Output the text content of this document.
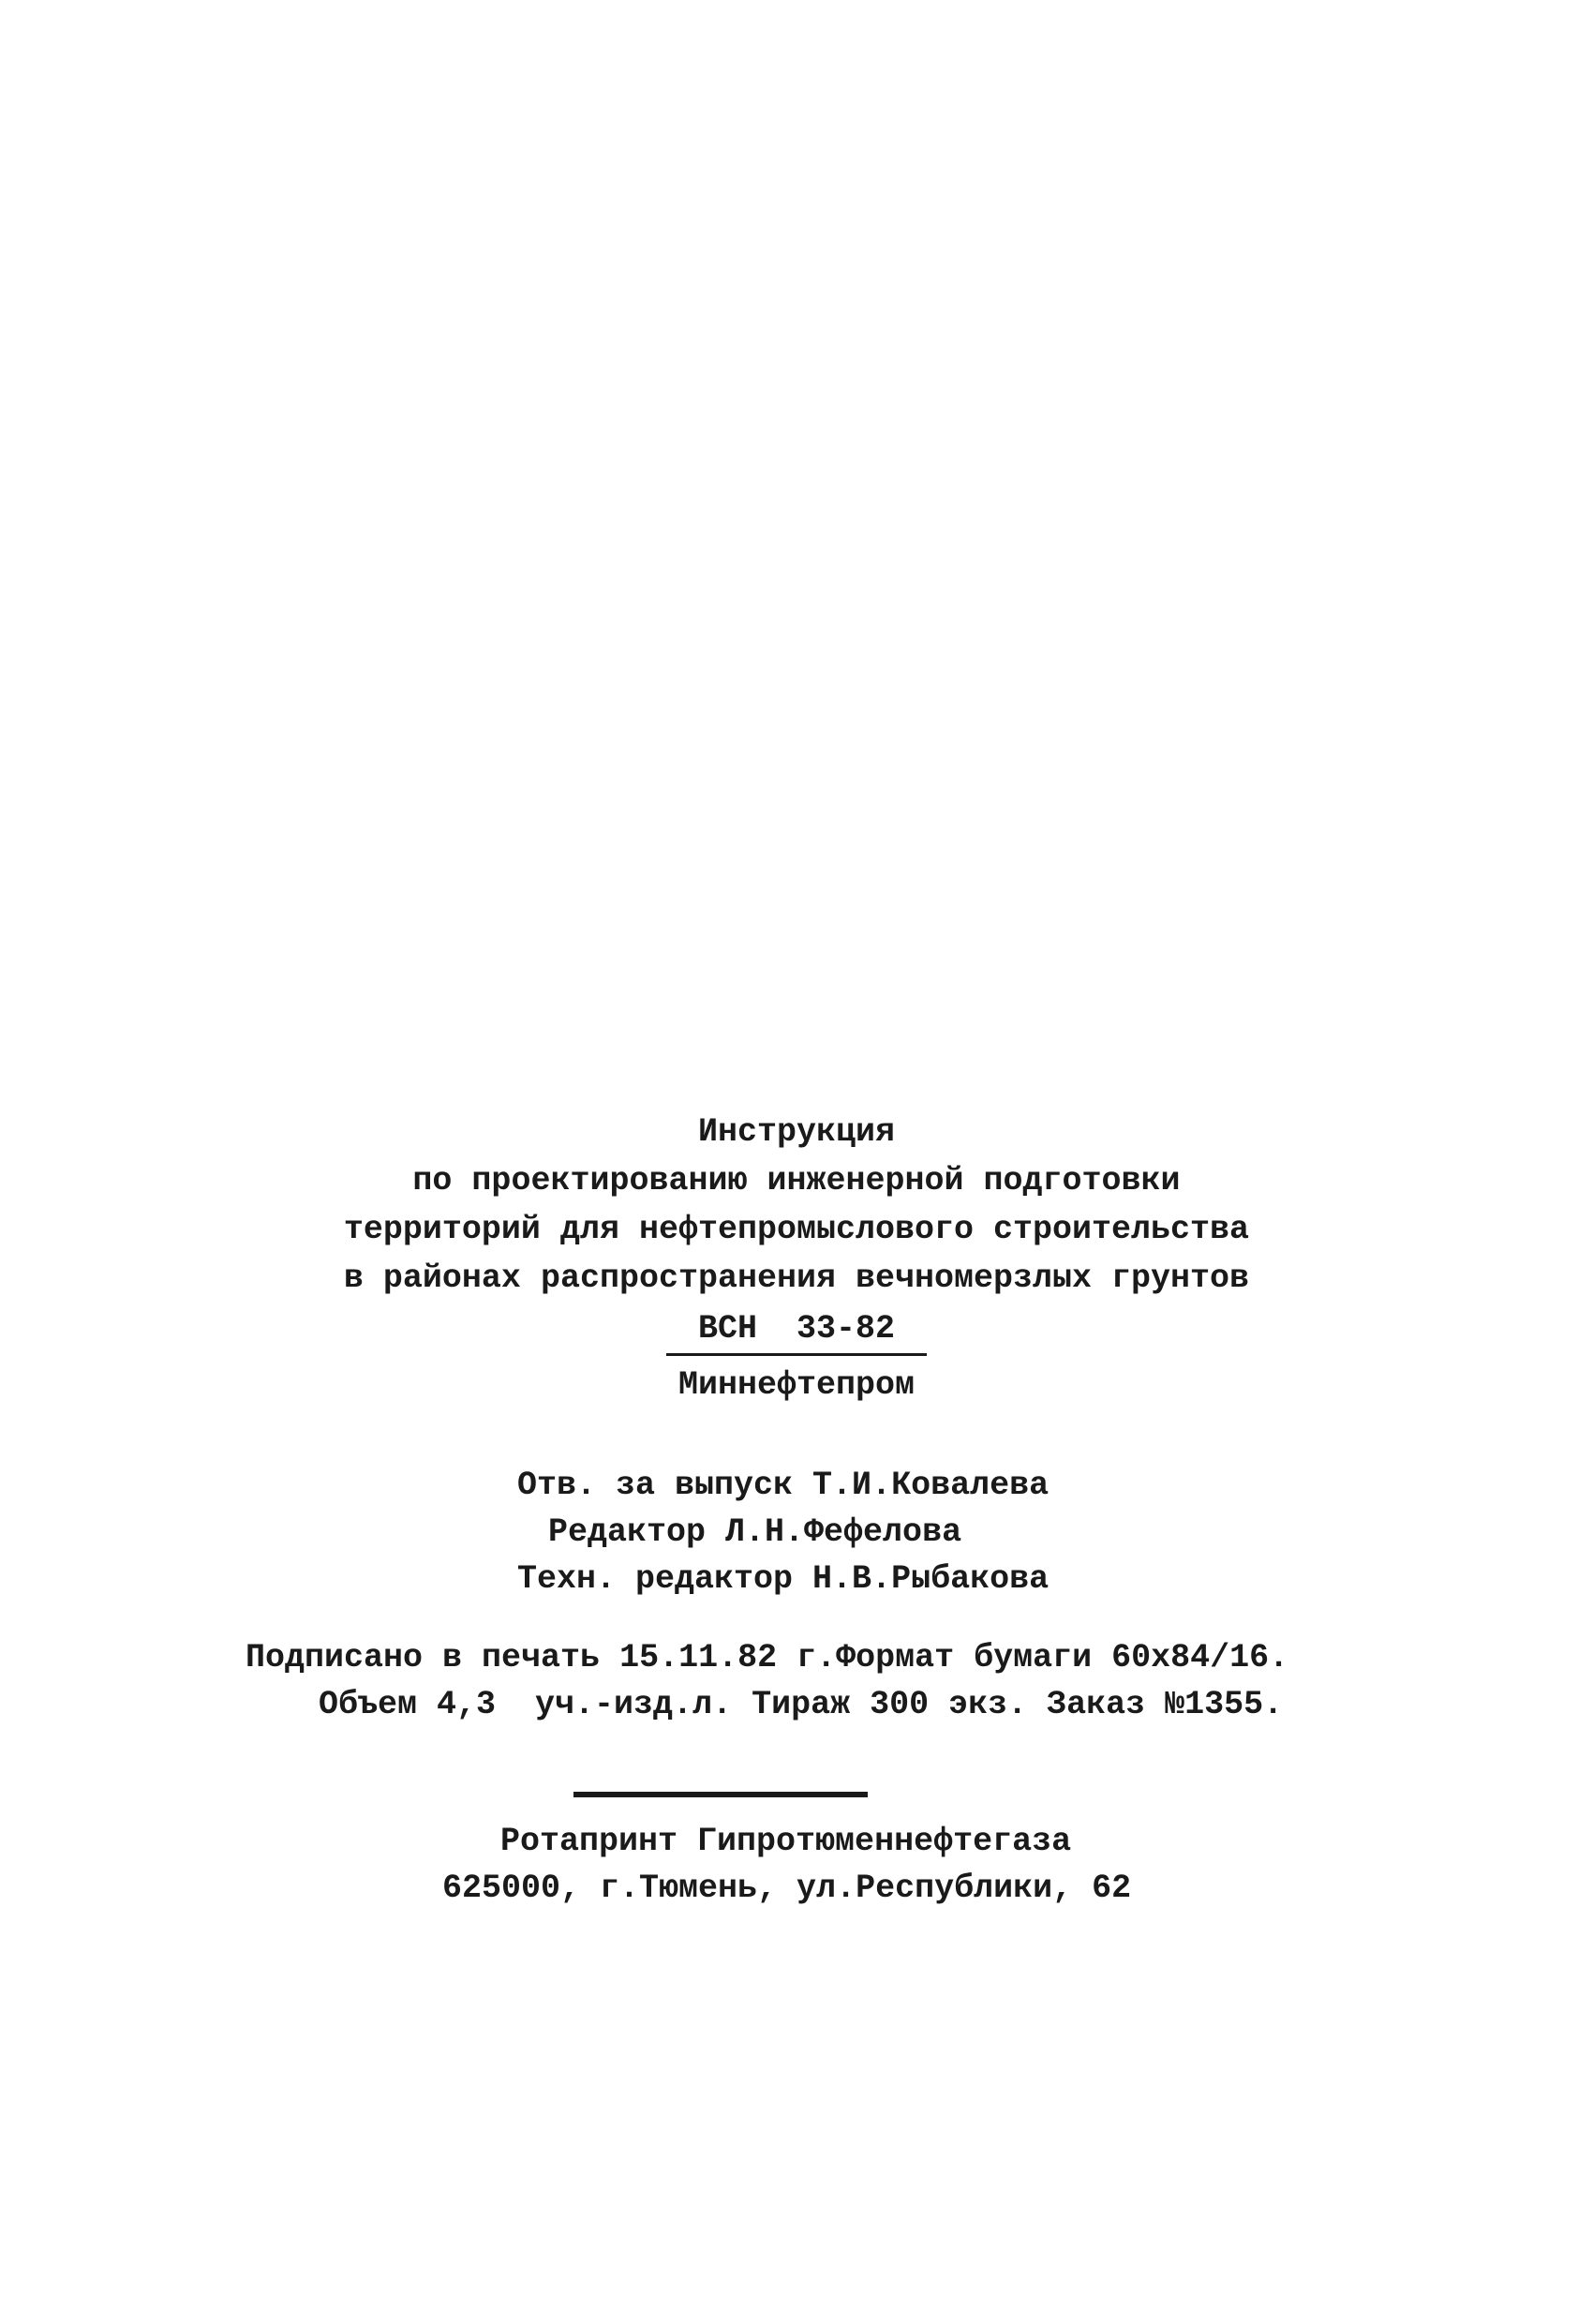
Инструкция
по проектированию инженерной подготовки
территорий для нефтепромыслового строительства
в районах распространения вечномерзлых грунтов
ВСН  33-82
Миннефтепром
Отв. за выпуск Т.И.Ковалева
Редактор Л.Н.Фефелова
Техн. редактор Н.В.Рыбакова
Подписано в печать 15.11.82 г.Формат бумаги 60х84/16.
Объем 4,3  уч.-изд.л. Тираж 300 экз. Заказ №1355.
Ротапринт Гипротюменнефтегаза
625000, г.Тюмень, ул.Республики, 62
